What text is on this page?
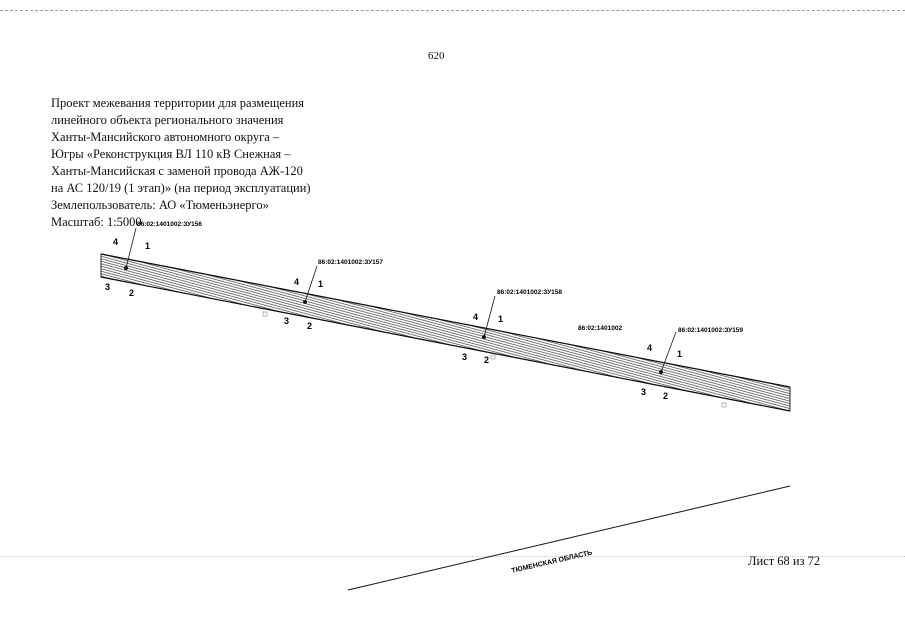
620
Проект межевания территории для размещения
линейного объекта регионального значения
Ханты-Мансийского автономного округа –
Югры «Реконструкция ВЛ 110 кВ Снежная –
Ханты-Мансийская с заменой провода АЖ-120
на АС 120/19 (1 этап)» (на период эксплуатации)
Землепользователь: АО «Тюменьэнерго»
Масштаб: 1:5000
86:02:1401002:ЗУ156
1
2
3
4
86:02:1401002:ЗУ157
1
2
3
4
86:02:1401002:ЗУ158
1
2
3
4
86:02:1401002	86:02:1401002:ЗУ159
1
2
3
4
ТЮМЕНСКАЯ ОБЛАСТЬ	Лист 68 из 72
